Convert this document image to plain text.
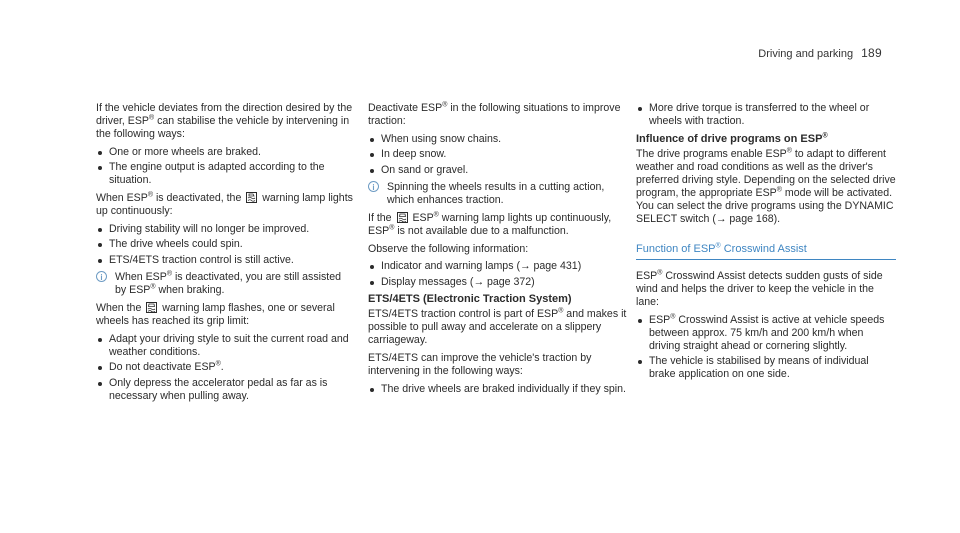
Driving and parking 189

If the vehicle deviates from the direction desired by the driver, ESP® can stabilise the vehicle by intervening in the following ways:

One or more wheels are braked.
The engine output is adapted according to the situation.

When ESP® is deactivated, the warning lamp lights up continuously:

Driving stability will no longer be improved.
The drive wheels could spin.
ETS/4ETS traction control is still active.
i	When ESP® is deactivated, you are still assisted by ESP® when braking.

When the warning lamp flashes, one or several wheels has reached its grip limit:

Adapt your driving style to suit the current road and weather conditions.
Do not deactivate ESP®.
Only depress the accelerator pedal as far as is necessary when pulling away.

Deactivate ESP® in the following situations to improve traction:

When using snow chains.
In deep snow.
On sand or gravel.
i	Spinning the wheels results in a cutting action, which enhances traction.

If the ESP® warning lamp lights up continuously, ESP® is not available due to a malfunction.

Observe the following information:

Indicator and warning lamps (→ page 431)
Display messages (→ page 372)
ETS/4ETS (Electronic Traction System)

ETS/4ETS traction control is part of ESP® and makes it possible to pull away and accelerate on a slippery carriageway.

ETS/4ETS can improve the vehicle's traction by intervening in the following ways:

The drive wheels are braked individually if they spin.
More drive torque is transferred to the wheel or wheels with traction.
Influence of drive programs on ESP®

The drive programs enable ESP® to adapt to different weather and road conditions as well as the driver's preferred driving style. Depending on the selected drive program, the appropriate ESP® mode will be activated. You can select the drive programs using the DYNAMIC SELECT switch (→ page 168).

Function of ESP® Crosswind Assist

ESP® Crosswind Assist detects sudden gusts of side wind and helps the driver to keep the vehicle in the lane:

ESP® Crosswind Assist is active at vehicle speeds between approx. 75 km/h and 200 km/h when driving straight ahead or cornering slightly.
The vehicle is stabilised by means of individual brake application on one side.
